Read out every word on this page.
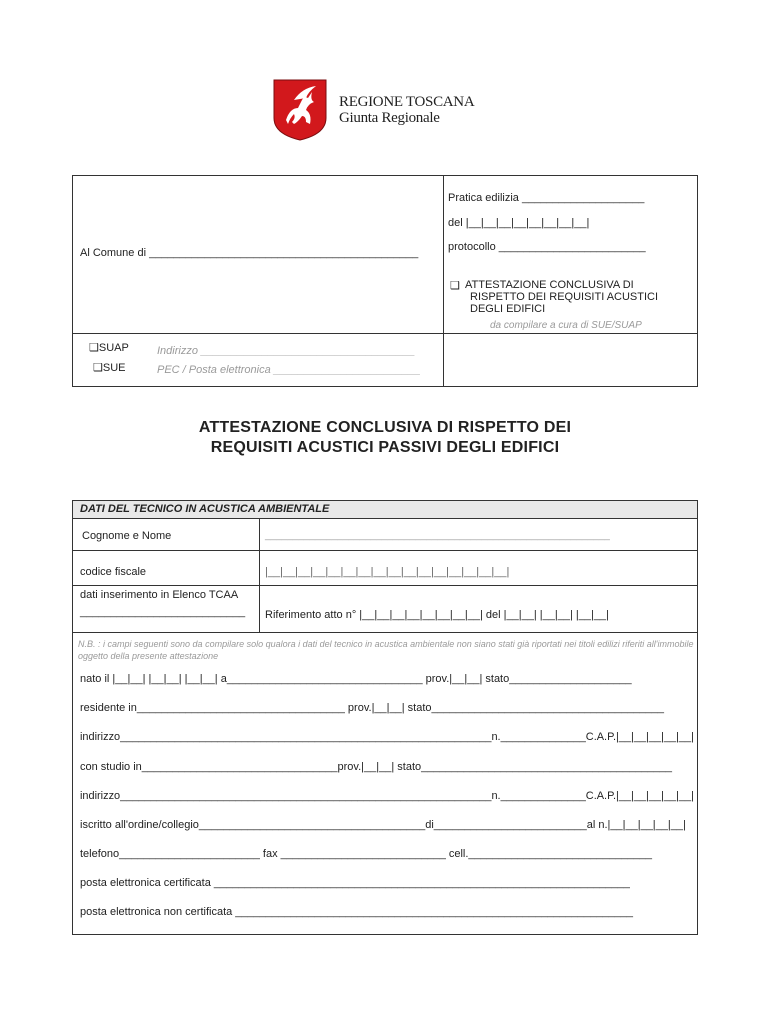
REGIONE TOSCANA
Giunta Regionale
Al Comune di ____________________________________________
Pratica edilizia ____________________
del |__|__|__|__|__|__|__|__|
protocollo ________________________
❑ ATTESTAZIONE CONCLUSIVA DI
RISPETTO DEI REQUISITI ACUSTICI
DEGLI EDIFICI
da compilare a cura di SUE/SUAP
❑SUAP
❑SUE
Indirizzo ___________________________________
PEC / Posta elettronica ________________________
ATTESTAZIONE CONCLUSIVA DI RISPETTO DEI
REQUISITI ACUSTICI PASSIVI DEGLI EDIFICI
DATI DEL TECNICO IN ACUSTICA AMBIENTALE
Cognome e Nome	______________________________________________________________
codice fiscale	|__|__|__|__|__|__|__|__|__|__|__|__|__|__|__|__|
dati inserimento in Elenco TCAA
___________________________ Riferimento atto n° |__|__|__|__|__|__|__|__| del |__|__| |__|__| |__|__|
N.B. : i campi seguenti sono da compilare solo qualora i dati del tecnico in acustica ambientale non siano stati già riportati nei titoli edilizi riferiti all'immobile oggetto della presente attestazione
nato il |__|__| |__|__| |__|__| a________________________________ prov.|__|__| stato____________________
residente in__________________________________ prov.|__|__| stato______________________________________
indirizzo_____________________________________________________________n.______________C.A.P.|__|__|__|__|__|
con studio in________________________________prov.|__|__| stato_________________________________________
indirizzo_____________________________________________________________n.______________C.A.P.|__|__|__|__|__|
iscritto all'ordine/collegio_____________________________________di_________________________al n.|__|__|__|__|__|
telefono_______________________ fax ___________________________ cell.______________________________
posta elettronica certificata ____________________________________________________________________
posta elettronica non certificata _________________________________________________________________
